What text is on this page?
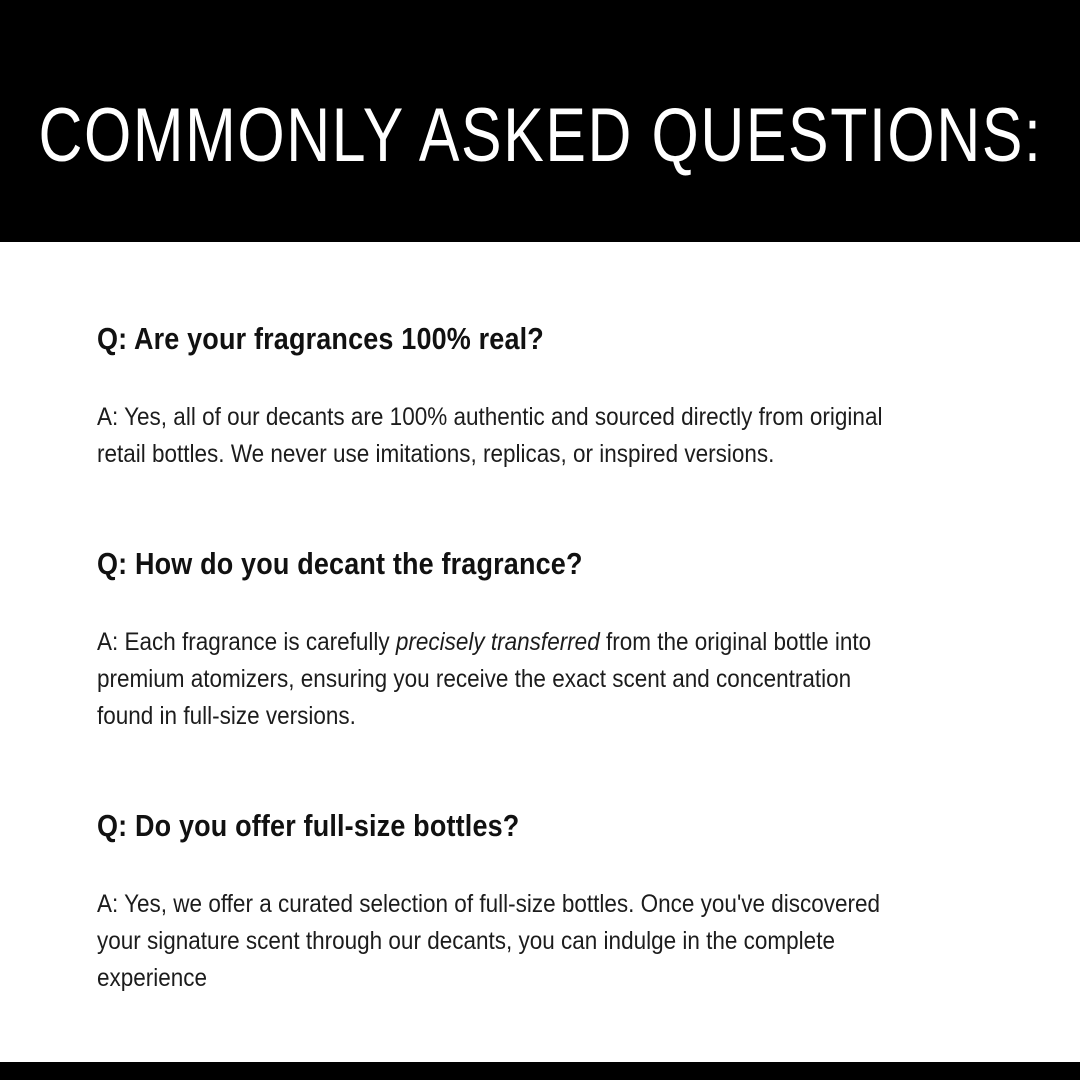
COMMONLY ASKED QUESTIONS:
Q: Are your fragrances 100% real?

A: Yes, all of our decants are 100% authentic and sourced directly from original
retail bottles. We never use imitations, replicas, or inspired versions.

Q: How do you decant the fragrance?

A: Each fragrance is carefully precisely transferred from the original bottle into
premium atomizers, ensuring you receive the exact scent and concentration
found in full-size versions.

Q: Do you offer full-size bottles?

A: Yes, we offer a curated selection of full-size bottles. Once you've discovered
your signature scent through our decants, you can indulge in the complete
experience
